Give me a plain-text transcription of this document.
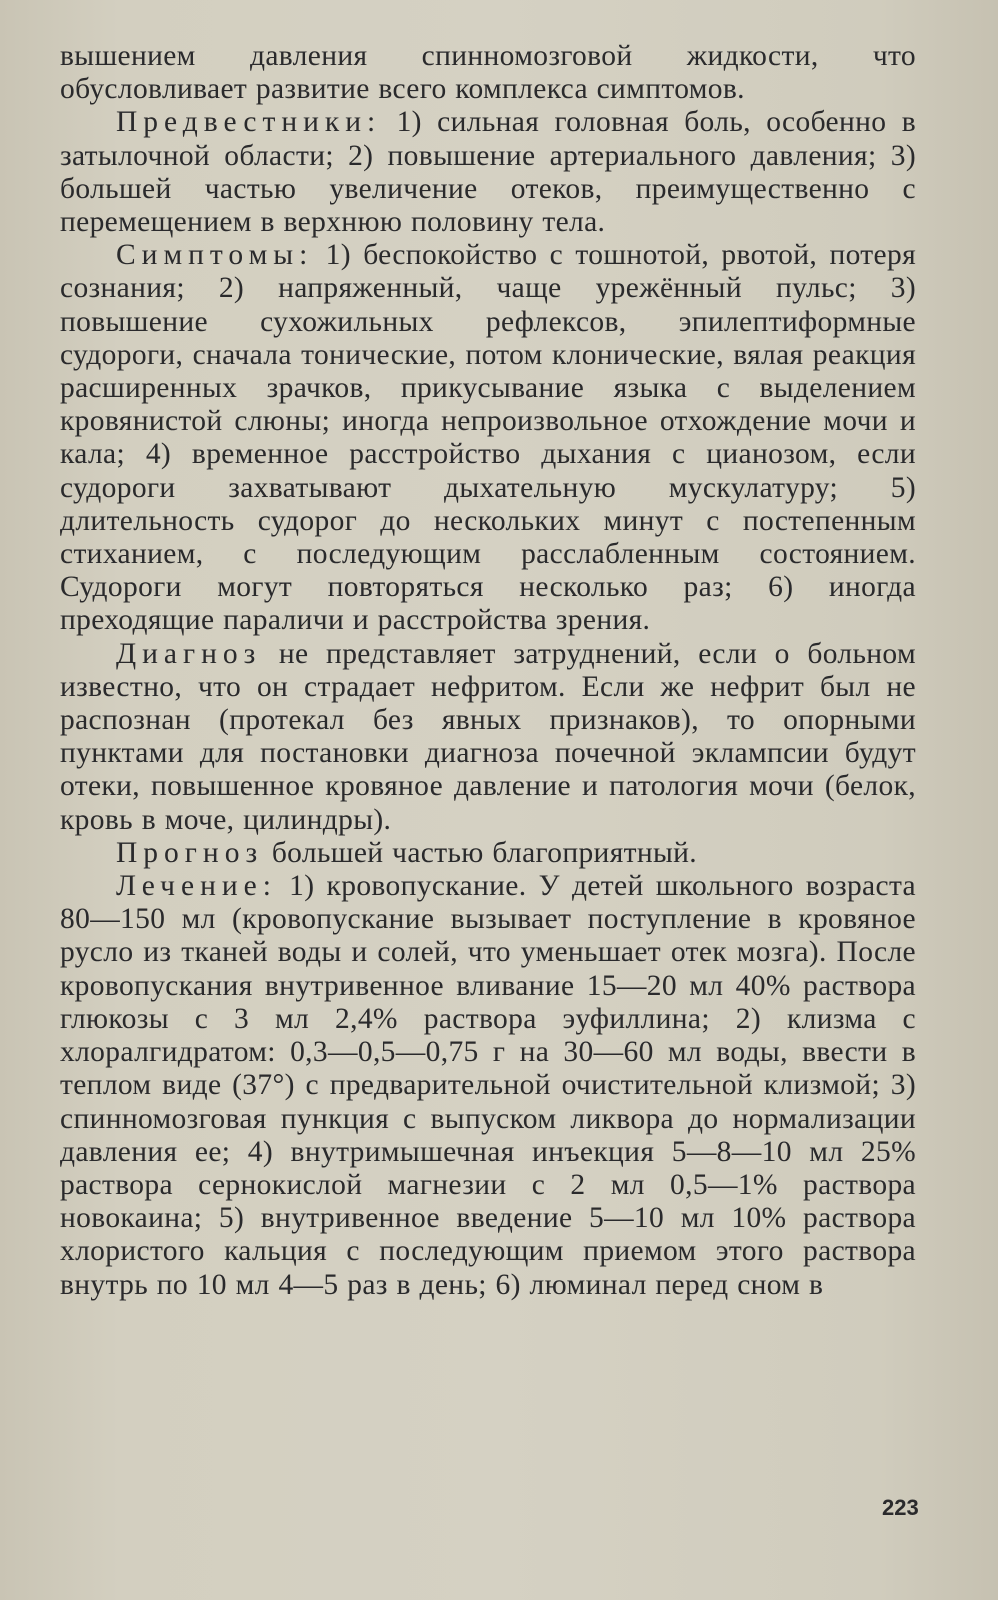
вышением давления спинномозговой жидкости, что обусловливает развитие всего комплекса симптомов.

Предвестники: 1) сильная головная боль, особенно в затылочной области; 2) повышение артериального давления; 3) большей частью увеличение отеков, преимущественно с перемещением в верхнюю половину тела.

Симптомы: 1) беспокойство с тошнотой, рвотой, потеря сознания; 2) напряженный, чаще урежённый пульс; 3) повышение сухожильных рефлексов, эпилептиформные судороги, сначала тонические, потом клонические, вялая реакция расширенных зрачков, прикусывание языка с выделением кровянистой слюны; иногда непроизвольное отхождение мочи и кала; 4) временное расстройство дыхания с цианозом, если судороги захватывают дыхательную мускулатуру; 5) длительность судорог до нескольких минут с постепенным стиханием, с последующим расслабленным состоянием. Судороги могут повторяться несколько раз; 6) иногда преходящие параличи и расстройства зрения.

Диагноз не представляет затруднений, если о больном известно, что он страдает нефритом. Если же нефрит был не распознан (протекал без явных признаков), то опорными пунктами для постановки диагноза почечной эклампсии будут отеки, повышенное кровяное давление и патология мочи (белок, кровь в моче, цилиндры).

Прогноз большей частью благоприятный.

Лечение: 1) кровопускание. У детей школьного возраста 80—150 мл (кровопускание вызывает поступление в кровяное русло из тканей воды и солей, что уменьшает отек мозга). После кровопускания внутривенное вливание 15—20 мл 40% раствора глюкозы с 3 мл 2,4% раствора эуфиллина; 2) клизма с хлоралгидратом: 0,3—0,5—0,75 г на 30—60 мл воды, ввести в теплом виде (37°) с предварительной очистительной клизмой; 3) спинномозговая пункция с выпуском ликвора до нормализации давления ее; 4) внутримышечная инъекция 5—8—10 мл 25% раствора сернокислой магнезии с 2 мл 0,5—1% раствора новокаина; 5) внутривенное введение 5—10 мл 10% раствора хлористого кальция с последующим приемом этого раствора внутрь по 10 мл 4—5 раз в день; 6) люминал перед сном в

223
